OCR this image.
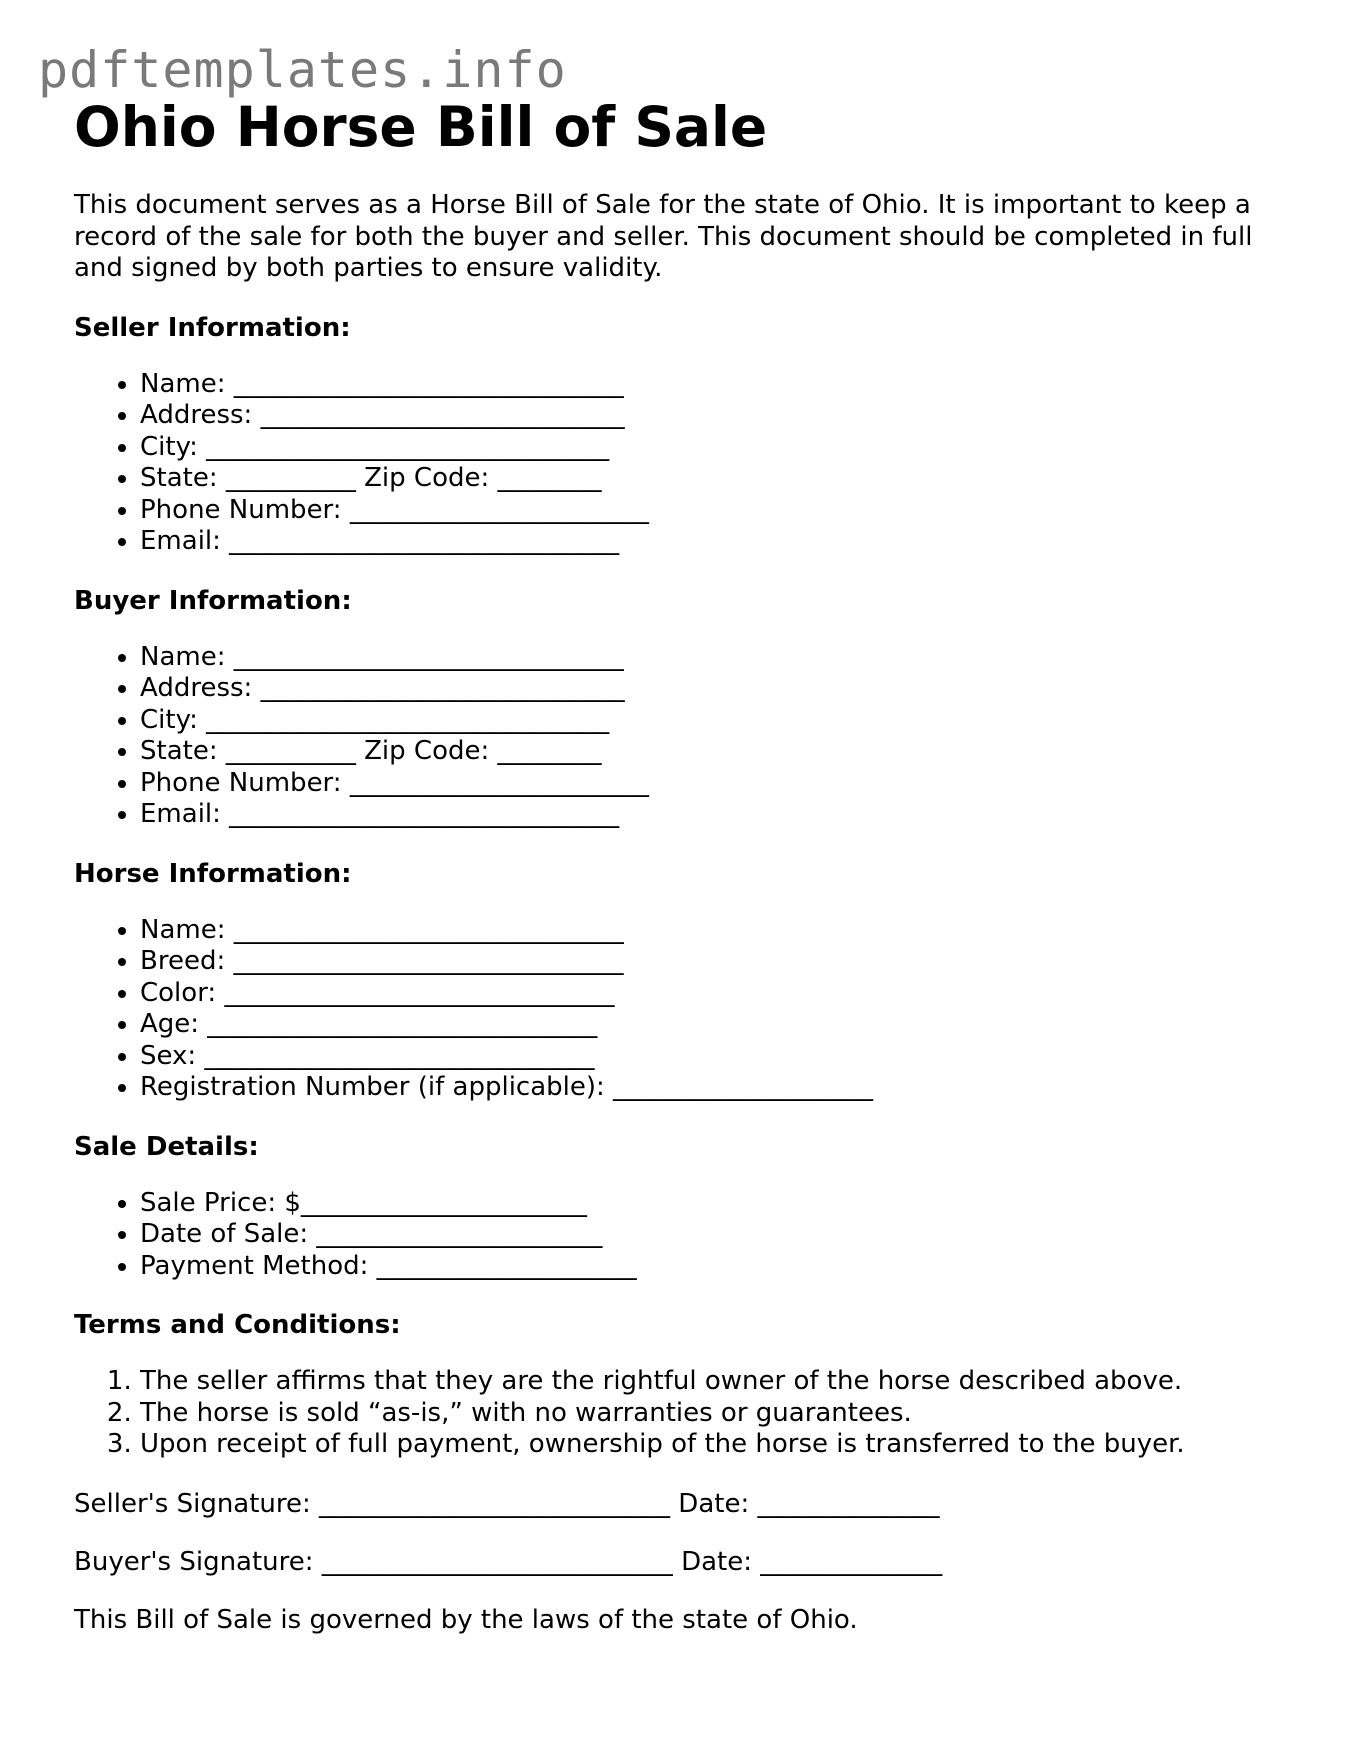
pdftemplates.info
Ohio Horse Bill of Sale

This document serves as a Horse Bill of Sale for the state of Ohio. It is important to keep a record of the sale for both the buyer and seller. This document should be completed in full and signed by both parties to ensure validity.

Seller Information:
• Name: ______________________________
• Address: ____________________________
• City: _______________________________
• State: __________ Zip Code: ________
• Phone Number: _______________________
• Email: ______________________________
Buyer Information:
• Name: ______________________________
• Address: ____________________________
• City: _______________________________
• State: __________ Zip Code: ________
• Phone Number: _______________________
• Email: ______________________________
Horse Information:
• Name: ______________________________
• Breed: ______________________________
• Color: ______________________________
• Age: ______________________________
• Sex: ______________________________
• Registration Number (if applicable): ____________________
Sale Details:
• Sale Price: $______________________
• Date of Sale: ______________________
• Payment Method: ____________________
Terms and Conditions:
1. The seller affirms that they are the rightful owner of the horse described above.
2. The horse is sold “as-is,” with no warranties or guarantees.
3. Upon receipt of full payment, ownership of the horse is transferred to the buyer.

Seller's Signature: ___________________________ Date: ______________

Buyer's Signature: ___________________________ Date: ______________

This Bill of Sale is governed by the laws of the state of Ohio.
